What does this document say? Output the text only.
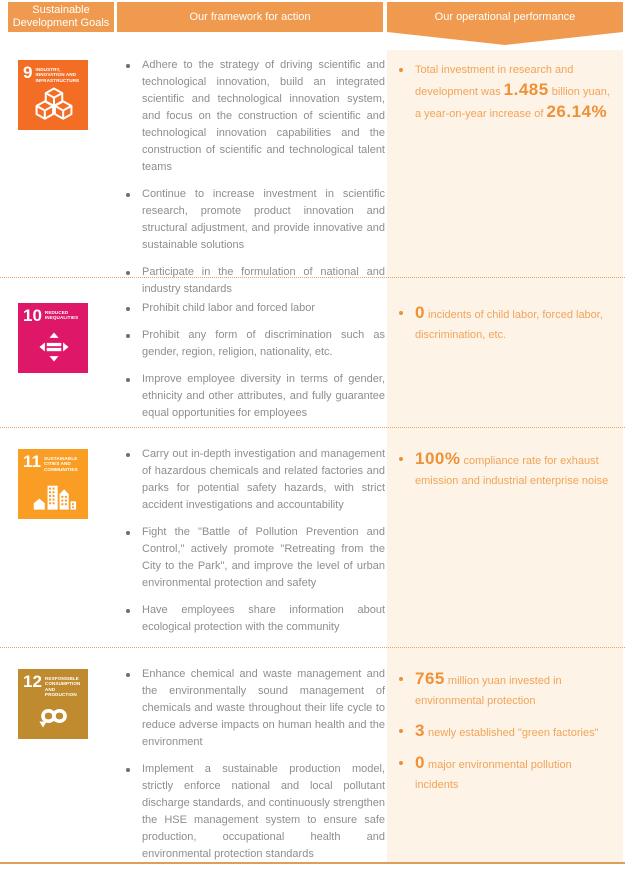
Sustainable Development Goals
Our framework for action	Our operational performance
9 INDUSTRY, INNOVATION AND INFRASTRUCTURE
Adhere to the strategy of driving scientific and technological innovation, build an integrated scientific and technological innovation system, and focus on the construction of scientific and technological innovation capabilities and the construction of scientific and technological talent teams
Continue to increase investment in scientific research, promote product innovation and structural adjustment, and provide innovative and sustainable solutions
Participate in the formulation of national and industry standards
Total investment in research and development was 1.485 billion yuan, a year-on-year increase of 26.14%
10 REDUCED INEQUALITIES
Prohibit child labor and forced labor
Prohibit any form of discrimination such as gender, region, religion, nationality, etc.
Improve employee diversity in terms of gender, ethnicity and other attributes, and fully guarantee equal opportunities for employees
0 incidents of child labor, forced labor, discrimination, etc.
11 SUSTAINABLE CITIES AND COMMUNITIES
Carry out in-depth investigation and management of hazardous chemicals and related factories and parks for potential safety hazards, with strict accident investigations and accountability
Fight the "Battle of Pollution Prevention and Control," actively promote "Retreating from the City to the Park", and improve the level of urban environmental protection and safety
Have employees share information about ecological protection with the community
100% compliance rate for exhaust emission and industrial enterprise noise
12 RESPONSIBLE CONSUMPTION AND PRODUCTION
Enhance chemical and waste management and the environmentally sound management of chemicals and waste throughout their life cycle to reduce adverse impacts on human health and the environment
Implement a sustainable production model, strictly enforce national and local pollutant discharge standards, and continuously strengthen the HSE management system to ensure safe production, occupational health and environmental protection standards
765 million yuan invested in environmental protection
3 newly established "green factories"
0 major environmental pollution incidents
